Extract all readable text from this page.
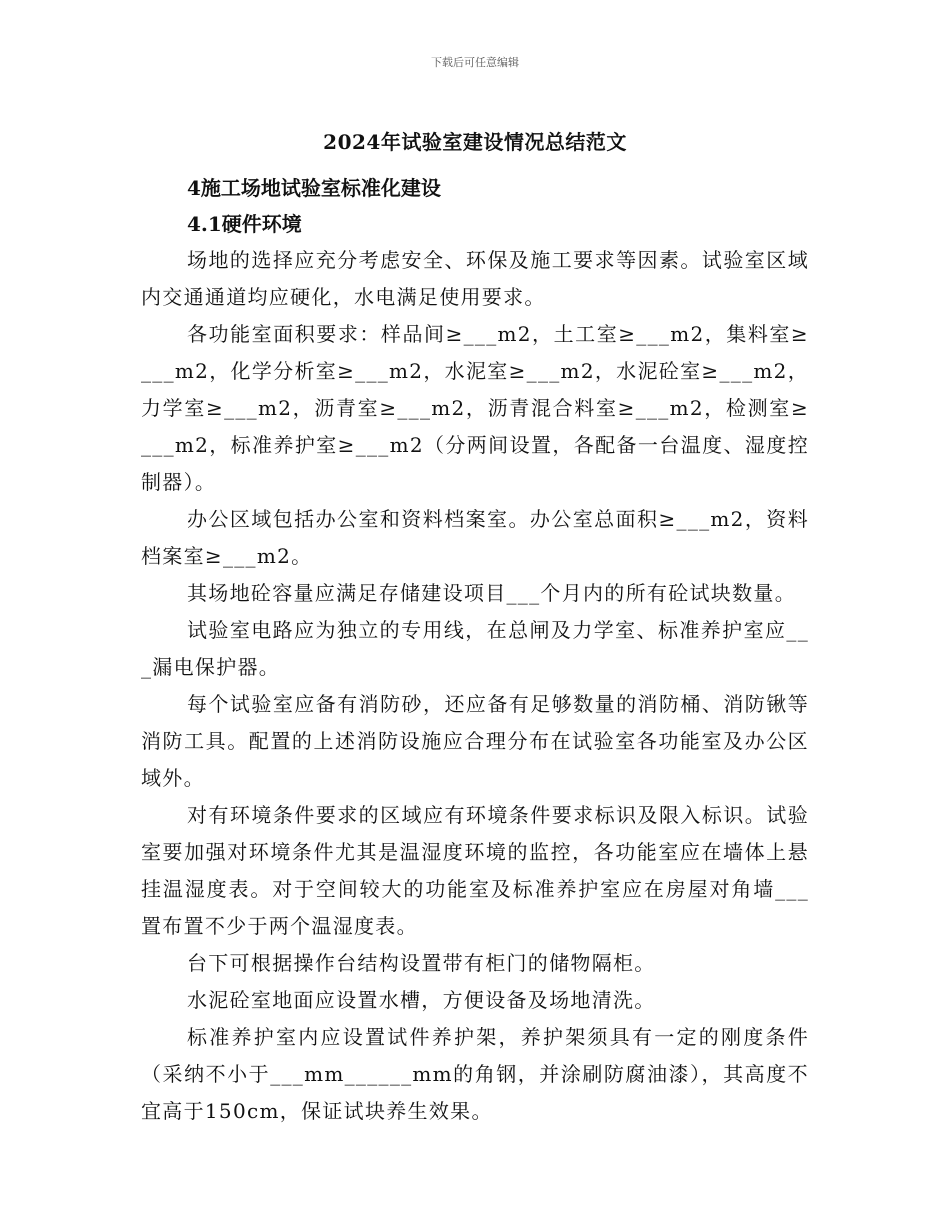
下载后可任意编辑
2024年试验室建设情况总结范文

4施工场地试验室标准化建设

4.1硬件环境

场地的选择应充分考虑安全、环保及施工要求等因素。试验室区域内交通通道均应硬化，水电满足使用要求。

各功能室面积要求：样品间≥___m2，土工室≥___m2，集料室≥___m2，化学分析室≥___m2，水泥室≥___m2，水泥砼室≥___m2，力学室≥___m2，沥青室≥___m2，沥青混合料室≥___m2，检测室≥___m2，标准养护室≥___m2（分两间设置，各配备一台温度、湿度控制器）。

办公区域包括办公室和资料档案室。办公室总面积≥___m2，资料档案室≥___m2。

其场地砼容量应满足存储建设项目___个月内的所有砼试块数量。

试验室电路应为独立的专用线，在总闸及力学室、标准养护室应___漏电保护器。

每个试验室应备有消防砂，还应备有足够数量的消防桶、消防锹等消防工具。配置的上述消防设施应合理分布在试验室各功能室及办公区域外。

对有环境条件要求的区域应有环境条件要求标识及限入标识。试验室要加强对环境条件尤其是温湿度环境的监控，各功能室应在墙体上悬挂温湿度表。对于空间较大的功能室及标准养护室应在房屋对角墙___置布置不少于两个温湿度表。

台下可根据操作台结构设置带有柜门的储物隔柜。

水泥砼室地面应设置水槽，方便设备及场地清洗。

标准养护室内应设置试件养护架，养护架须具有一定的刚度条件（采纳不小于___mm______mm的角钢，并涂刷防腐油漆），其高度不宜高于150cm，保证试块养生效果。
